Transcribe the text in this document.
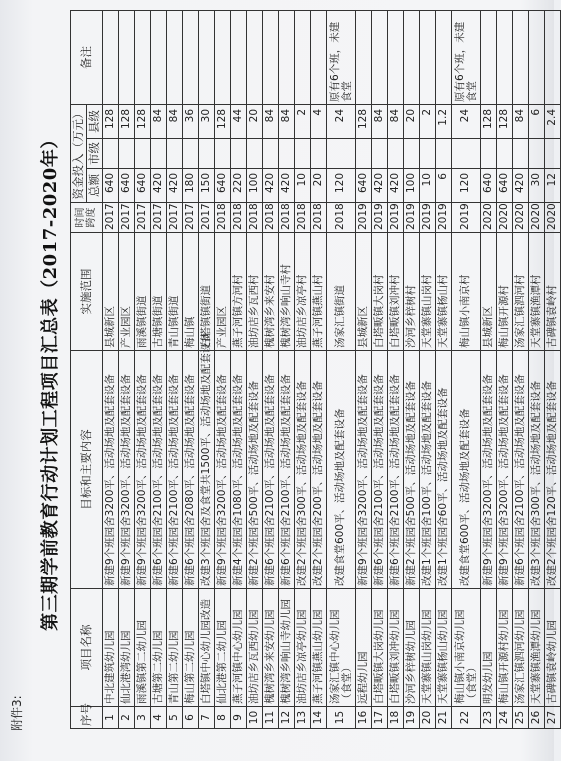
附件3:
第三期学前教育行动计划工程项目汇总表（2017-2020年）
序号	项目名称	目标和主要内容	实施范围	时间跨度	资金投入（万元）			备注
					总额	市级	县级	
1	中北建筑幼儿园	新建9个班园舍3200平、活动场地及配套设备	县城新区	2017	640		128	
2	仙北港湾幼儿园	新建9个班园舍3200平、活动场地及配套设备	产业园区	2017	640		128	
3	雨溪镇第二幼儿园	新建9个班园舍3200平、活动场地及配套设备	雨溪镇街道	2017	640		128	
4	古塘第二幼儿园	新建6个班园舍2100平、活动场地及配套设备	古塘镇街道	2017	420		84	
5	青山第二幼儿园	新建6个班园舍2100平、活动场地及配套设备	青山镇街道	2017	420		84	
6	梅山第二幼儿园	新建6个班园舍2080平、活动场地及配套设备	梅山镇	2017	180		36	
7	白塔镇中心幼儿园改造	改建3个班园舍及食堂共1500平、活动场地及配套设备	白塔镇镇街道	2017	150		30	
8	仙北港第二幼儿园	新建9个班园舍3200平、活动场地及配套设备	产业园区	2018	640		128	
9	燕子河镇中心幼儿园	新建4个班园舍1080平、活动场地及配套设备	燕子河镇方河村	2018	220		44	
10	油坊店乡瓦西幼儿园	新建2个班园舍500平、活动场地及配套设备	油坊店乡瓦西村	2018	100		20	
11	槐树湾乡来安幼儿园	新建6个班园舍2100平、活动场地及配套设备	槐树湾乡来安村	2018	420		84	
12	槐树湾乡响山寺幼儿园	新建6个班园舍2100平、活动场地及配套设备	槐树湾乡响山寺村	2018	420		84	
13	油坊店乡凉亭幼儿园	改建2个班园舍300平、活动场地及配套设备	油坊店乡凉亭村	2018	10		2	
14	燕子河镇燕山幼儿园	改建2个班园舍200平、活动场地及配套设备	燕子河镇燕山村	2018	20		4	
15	汤家汇镇中心幼儿园（食堂）	改建食堂600平、活动场地及配套设备	汤家汇镇街道	2018	120		24	原有6个班，未建食堂
16	远程幼儿园	新建9个班园舍3200平、活动场地及配套设备	县城新区	2019	640		128	
17	白塔畈镇大岗幼儿园	新建6个班园舍2100平、活动场地及配套设备	白塔畈镇大岗村	2019	420		84	
18	白塔畈镇刘冲幼儿园	新建6个班园舍2100平、活动场地及配套设备	白塔畈镇刘冲村	2019	420		84	
19	沙河乡梓树幼儿园	新建2个班园舍500平、活动场地及配套设备	沙河乡梓树村	2019	100		20	
20	天堂寨镇山岗幼儿园	改建1个班园舍100平、活动场地及配套设备	天堂寨镇山岗村	2019	10		2	
21	天堂寨镇杨山幼儿园	改建1个班园舍60平、活动场地及配套设备	天堂寨镇杨山村	2019	6		1.2	
22	梅山镇小南京幼儿园（食堂）	改建食堂600平、活动场地及配套设备	梅山镇小南京村	2019	120		24	原有6个班，未建食堂
23	明发幼儿园	新建9个班园舍3200平、活动场地及配套设备	县城新区	2020	640		128	
24	梅山镇开源村幼儿园	新建9个班园舍3200平、活动场地及配套设备	梅山镇开源村	2020	640		128	
25	汤家汇镇泗河幼儿园	新建6个班园舍2100平、活动场地及配套设备	汤家汇镇泗河村	2020	420		84	
26	天堂寨镇渔潭幼儿园	改建3个班园舍300平、活动场地及配套设备	天堂寨镇渔潭村	2020	30		6	
27	古碑镇袁岭幼儿园	改建2个班园舍120平、活动场地及配套设备	古碑镇袁岭村	2020	12		2.4	
